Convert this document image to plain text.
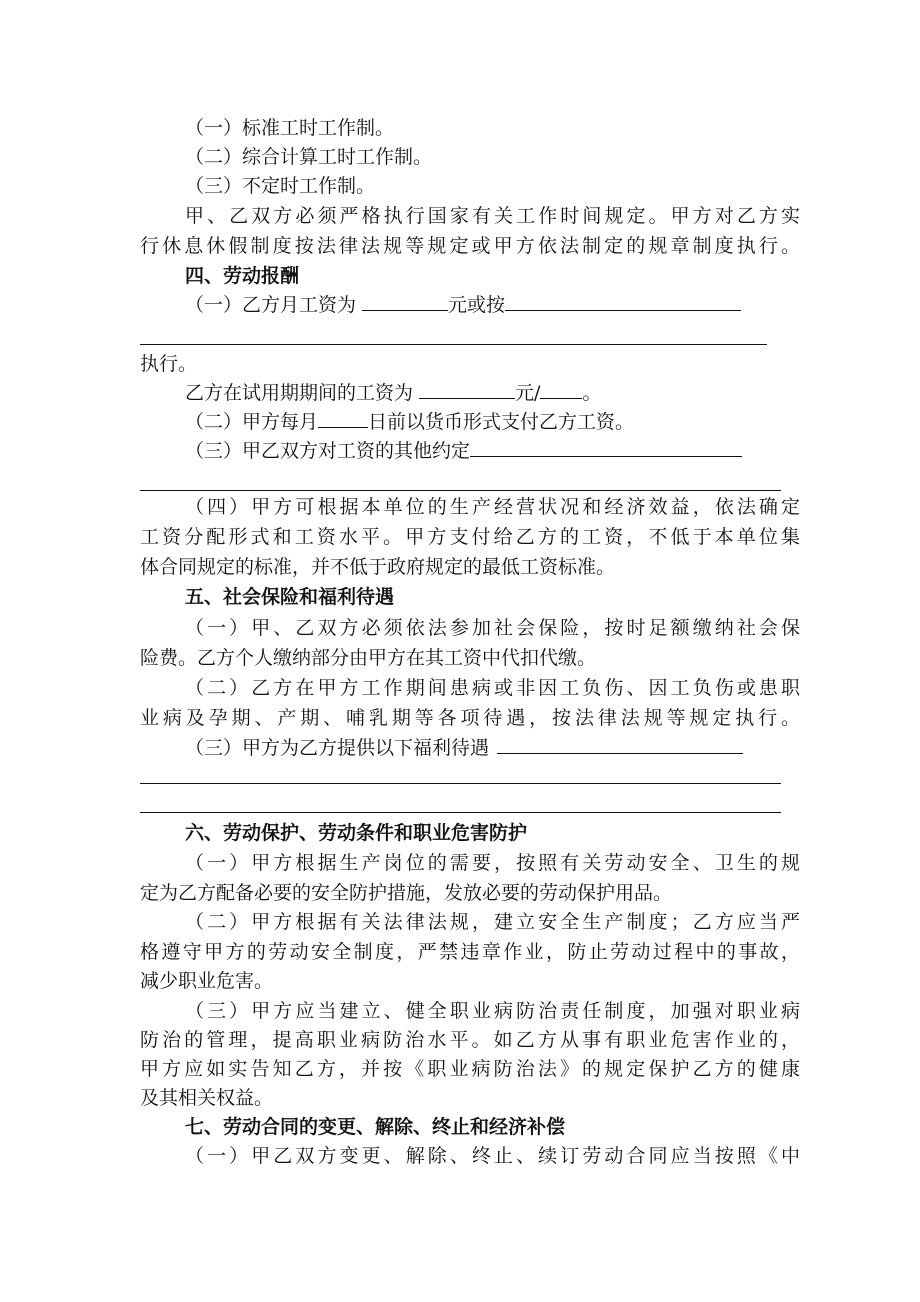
（一）标准工时工作制。
（二）综合计算工时工作制。
（三）不定时工作制。
甲、乙双方必须严格执行国家有关工作时间规定。甲方对乙方实
行休息休假制度按法律法规等规定或甲方依法制定的规章制度执行。
四、劳动报酬
（一）乙方月工资为	元或按
执行。
乙方在试用期期间的工资为	元/ 。
（二）甲方每月	日前以货币形式支付乙方工资。
（三）甲乙双方对工资的其他约定
（四）甲方可根据本单位的生产经营状况和经济效益，依法确定
工资分配形式和工资水平。甲方支付给乙方的工资，不低于本单位集
体合同规定的标准，并不低于政府规定的最低工资标准。
五、社会保险和福利待遇
（一）甲、乙双方必须依法参加社会保险，按时足额缴纳社会保
险费。乙方个人缴纳部分由甲方在其工资中代扣代缴。
（二）乙方在甲方工作期间患病或非因工负伤、因工负伤或患职
业病及孕期、产期、哺乳期等各项待遇，按法律法规等规定执行。
（三）甲方为乙方提供以下福利待遇
六、劳动保护、劳动条件和职业危害防护
（一）甲方根据生产岗位的需要，按照有关劳动安全、卫生的规
定为乙方配备必要的安全防护措施，发放必要的劳动保护用品。
（二）甲方根据有关法律法规，建立安全生产制度；乙方应当严
格遵守甲方的劳动安全制度，严禁违章作业，防止劳动过程中的事故，
减少职业危害。
（三）甲方应当建立、健全职业病防治责任制度，加强对职业病
防治的管理，提高职业病防治水平。如乙方从事有职业危害作业的，
甲方应如实告知乙方，并按《职业病防治法》的规定保护乙方的健康
及其相关权益。
七、劳动合同的变更、解除、终止和经济补偿
（一）甲乙双方变更、解除、终止、续订劳动合同应当按照《中
